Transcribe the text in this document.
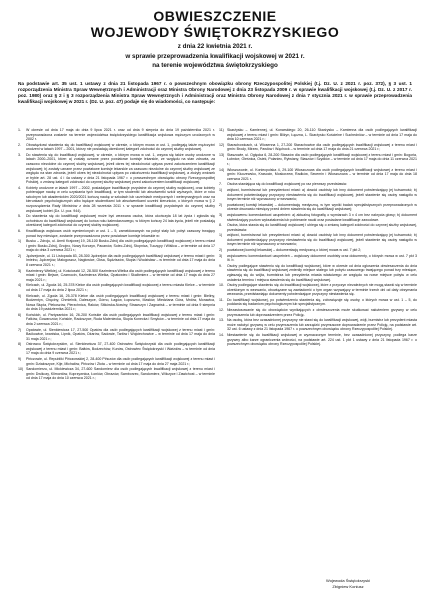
OBWIESZCZENIE
WOJEWODY ŚWIĘTOKRZYSKIEGO
z dnia 22 kwietnia 2021 r.
w sprawie przeprowadzenia kwalifikacji wojskowej w 2021 r.
na terenie województwa świętokrzyskiego
Na podstawie art. 35 ust. 1 ustawy z dnia 21 listopada 1967 r. o powszechnym obowiązku obrony Rzeczypospolitej Polskiej (t.j. Dz. U. z 2021 r. poz. 372), § 3 ust. 1 rozporządzenia Ministra Spraw Wewnętrznych i Administracji oraz Ministra Obrony Narodowej z dnia 23 listopada 2009 r. w sprawie kwalifikacji wojskowej (t.j. Dz. U. z 2017 r. poz. 1980) oraz § 2 i § 3 rozporządzenia Ministra Spraw Wewnętrznych i Administracji oraz Ministra Obrony Narodowej z dnia 7 stycznia 2021 r. w sprawie przeprowadzenia kwalifikacji wojskowej w 2021 r. (Dz. U. poz. 47) podaje się do wiadomości, co następuje:
1.	W okresie od dnia 17 maja do dnia 9 lipca 2021 r. oraz od dnia 9 sierpnia do dnia 19 października 2021 r. przeprowadzona zostanie na terenie województwa świętokrzyskiego kwalifikacja wojskowa mężczyzn urodzonych w 2002 r.
2.	Obowiązkowi stawienia się do kwalifikacji wojskowej w okresie, o którym mowa w ust. 1, podlegają także mężczyźni urodzeni w latach 1997 – 2001, którzy nie posiadają określonej kategorii zdolności do czynnej służby wojskowej.
3.	Do stawienia się do kwalifikacji wojskowej, w okresie, o którym mowa w ust. 1, wzywa się także osoby urodzone w latach 2000–2001, które: a) zostały uznane przez powiatowe komisje lekarskie, ze względu na stan zdrowia, za czasowo niezdolne do czynnej służby wojskowej, jeżeli okres tej niezdolności upływa przed zakończeniem kwalifikacji wojskowej; b) zostały uznane przez powiatowe komisje lekarskie za czasowo niezdolne do czynnej służby wojskowej ze względu na stan zdrowia, jeżeli okres tej niezdolności upływa po zakończeniu kwalifikacji wojskowej, a złożyły wniosek w trybie art. 28 ust. 4 i 4a ustawy z dnia 21 listopada 1967 r. o powszechnym obowiązku obrony Rzeczypospolitej Polskiej, o zmianę kategorii zdolności do czynnej służby wojskowej przed zakończeniem kwalifikacji wojskowej.
4.	Kobiety urodzone w latach 1997 – 2002, posiadające kwalifikacje przydatne do czynnej służby wojskowej, oraz kobiety pobierające naukę w celu uzyskania tych kwalifikacji, w tym studentki lub absolwentki szkół wyższych, które w roku szkolnym lub akademickim 2020/2021 kończą naukę w szkołach lub uczelniach medycznych i weterynaryjnych oraz na kierunkach psychologicznych albo będące studentkami lub absolwentkami uczelni kierunków, o których mowa w § 2 rozporządzenia Rady Ministrów z dnia 28 września 2011 r. w sprawie kwalifikacji przydatnych do czynnej służby wojskowej kobiet (Dz. U. poz. 944).
5.	Do stawienia się do kwalifikacji wojskowej może być wezwana osoba, która ukończyła 18 lat życia i zgłosiła się ochotniczo do kwalifikacji wojskowej do końca roku kalendarzowego, w którym kończy 24 lata życia, jeżeli nie posiadają określonej kategorii zdolności do czynnej służby wojskowej.
6.	Kwalifikacja wojskowa osób wymienionych w ust. 1 – 5, zameldowanych na pobyt stały lub pobyt czasowy trwający ponad trzy miesiące, zostanie przeprowadzona przez powiatowe komisje lekarskie w:
1)	Busku – Zdroju, ul. Armii Krajowej 19, 28-100 Busko-Zdrój dla osób podlegających kwalifikacji wojskowej z terenu miast i gmin: Busko-Zdrój, Gnojno, Nowy Korczyn, Pacanów, Solec-Zdrój, Stopnica, Tuczępy i Wiślica – w terminie od dnia 17 maja do dnia 3 czerwca 2021 r.;
2)	Jędrzejowie, ul. 11 Listopada 83, 28-300 Jędrzejów dla osób podlegających kwalifikacji wojskowej z terenu miast i gmin: Imielno, Jędrzejów, Małogoszcz, Nagłowice, Oksa, Sędziszów, Słupia i Wodzisław – w terminie od dnia 17 maja do dnia 8 czerwca 2021 r.;
3)	Kazimierzy Wielkiej, ul. Kościuszki 12, 28-500 Kazimierza Wielka dla osób podlegających kwalifikacji wojskowej z terenu miast i gmin: Bejsce, Czarnocin, Kazimierza Wielka, Opatowiec i Skalbmierz – w terminie od dnia 17 maja do dnia 27 maja 2021 r.;
4)	Kielcach, ul. Zgoda 16, 25-378 Kielce dla osób podlegających kwalifikacji wojskowej z terenu miasta Kielce – w terminie od dnia 17 maja do dnia 2 lipca 2021 r.;
5)	Kielcach, ul. Zgoda 16, 25-378 Kielce dla osób podlegających kwalifikacji wojskowej z terenu miast i gmin: Bieliny, Bodzentyn, Chęciny, Chmielnik, Daleszyce, Górno, Łagów, Łopuszno, Masłów, Miedziana Góra, Mniów, Morawica, Nowa Słupia, Piekoszów, Pierzchnica, Raków, Sitkówka-Nowiny, Strawczyn i Zagnańsk – w terminie od dnia 9 sierpnia do dnia 19 października 2021 r.;
6)	Końskich, ul. Partyzantów 16, 26-200 Końskie dla osób podlegających kwalifikacji wojskowej z terenu miast i gmin: Fałków, Gowarczów, Końskie, Radoszyce, Ruda Maleniecka, Słupia Konecka i Smyków – w terminie od dnia 17 maja do dnia 2 czerwca 2021 r.;
7)	Opatowie, ul. Sienkiewicza 17, 27-500 Opatów dla osób podlegających kwalifikacji wojskowej z terenu miast i gmin: Baćkowice, Iwaniska, Lipnik, Opatów, Ożarów, Sadowie, Tarłów i Wojciechowice – w terminie od dnia 17 maja do dnia 31 maja 2021 r.;
8)	Ostrowcu Świętokrzyskim, ul. Sienkiewicza 37, 27-400 Ostrowiec Świętokrzyski dla osób podlegających kwalifikacji wojskowej z terenu miast i gmin: Bałtów, Bodzechów, Kunów, Ostrowiec Świętokrzyski i Waśniów – w terminie od dnia 17 maja do dnia 9 czerwca 2021 r.;
9)	Pińczowie, ul. Republiki Pińczowskiej 2, 28-400 Pińczów dla osób podlegających kwalifikacji wojskowej z terenu miast i gmin: Działoszyce, Kije, Michałów, Pińczów i Złota – w terminie od dnia 17 maja do dnia 27 maja 2021 r.;
10) Sandomierzu, ul. Mickiewicza 34, 27-600 Sandomierz dla osób podlegających kwalifikacji wojskowej z terenu miast i gmin: Dwikozy, Klimontów, Koprzywnica, Łoniów, Obrazów, Samborzec, Sandomierz, Wilczyce i Zawichost – w terminie od dnia 17 maja do dnia 10 czerwca 2021 r.;
11) Skarżysku – Kamiennej, ul. Konarskiego 20, 26-110 Skarżysko – Kamienna dla osób podlegających kwalifikacji wojskowej z terenu miast i gmin: Bliżyn, Łączna, L. Skarżysko Kościelne i Suchedniów – w terminie od dnia 17 maja do dnia 10 czerwca 2021 r.;
12) Starachowicach, ul. Wiosenna 1, 27-200 Starachowice dla osób podlegających kwalifikacji wojskowej z terenu miast i gmin: Brody, Mirzec, Pawłów i Wąchock – w terminie od dnia 17 maja do dnia 21 czerwca 2021 r.;
13) Staszowie, ul. Ogłęcka 6, 28-200 Staszów dla osób podlegających kwalifikacji wojskowej z terenu miast i gmin: Bogoria, Łubnice, Oleśnica, Osiek, Połaniec, Rytwiany, Staszów i Szydłów – w terminie od dnia 17 maja do dnia 11 czerwca 2021 r.;
14) Włoszczowie, ul. Koniecpolska 4, 29-100 Włoszczowa dla osób podlegających kwalifikacji wojskowej z terenu miast i gmin: Kluczewsko, Krasocin, Moskorzew, Radków, Secemin i Włoszczowa – w terminie od dnia 17 maja do dnia 18 czerwca 2021 r.
7.	Osoba stawiająca się do kwalifikacji wojskowej po raz pierwszy przedstawia:
1)	wójtowi, burmistrzowi lub prezydentowi miast: a) dowód osobisty lub inny dokument potwierdzający jej tożsamość; b) dokument potwierdzający przyczyny niestawienia się do kwalifikacji wojskowej, jeżeli stawienie się osoby nastąpiło w innym terminie niż wyznaczony w wezwaniu;
2)	powiatowej komisji lekarskiej – dokumentację medyczną, w tym wyniki badań specjalistycznych przeprowadzonych w okresie dwunastu miesięcy przed dniem stawienia się do kwalifikacji wojskowej;
3)	wojskowemu komendantowi uzupełnień: a) aktualną fotografię o wymiarach 3 x 4 cm bez nakrycia głowy; b) dokument stwierdzający poziom wykształcenia lub pobieranie nauki oraz posiadane kwalifikacje zawodowe.
8.	Osoba, która stawia się do kwalifikacji wojskowej i ubiega się o zmianę kategorii zdolności do czynnej służby wojskowej, przedstawia:
1)	wójtowi, burmistrzowi lub prezydentowi miast: a) dowód osobisty lub inny dokument potwierdzający jej tożsamość; b) dokument potwierdzający przyczyny niestawienia się do kwalifikacji wojskowej, jeżeli stawienie się osoby nastąpiło w innym terminie niż wyznaczony w wezwaniu;
2)	powiatowej komisji lekarskiej – dokumentację medyczną o której mowa w ust. 7 pkt 2;
3)	wojskowemu komendantowi uzupełnień – wojskowy dokument osobisty oraz dokumenty, o których mowa w ust. 7 pkt 3 lit. b.
9.	Osoby podlegające stawieniu się do kwalifikacji wojskowej, które w okresie od dnia ogłoszenia obwieszczenia do dnia stawienia się do kwalifikacji wojskowej zmieniły miejsce stałego lub pobytu czasowego trwającego ponad trzy miesiące, zgłaszają się do wójta, burmistrza lub prezydenta miasta właściwego ze względu na nowe miejsce pobytu w celu ustalenia terminu i miejsca stawienia się do kwalifikacji wojskowej.
10. Osoby podlegające stawieniu się do kwalifikacji wojskowej, które z przyczyn niezależnych nie mogą stawić się w terminie określonym w wezwaniu, obowiązane są zawiadomić o tym organ wzywający w terminie trzech dni od daty otrzymania wezwania, przedstawiając dokumenty potwierdzające przyczyny niestawienia się.
11. Do kwalifikacji wojskowej, po potwierdzeniu stawienia się, zobowiązuje się osoby, o których mowa w ust. 1 – 5, do poddania się badaniom psychologicznym lub specjalistycznym.
12. Niezastosowanie się do obowiązków wynikających z obwieszczenia może skutkować nałożeniem grzywny w celu przymuszenia lub doprowadzeniem przez Policję.
13. Na osobę, która bez uzasadnionej przyczyny nie stawi się do kwalifikacji wojskowej, wójt, burmistrz lub prezydent miasta może nałożyć grzywnę w celu przymuszenia lub zarządzić przymusowe doprowadzenie przez Policję, na podstawie art. 32 ust. 6 ustawy z dnia 21 listopada 1967 r. o powszechnym obowiązku obrony Rzeczypospolitej Polskiej.
14. Niestawienie się do kwalifikacji wojskowej w wyznaczonym terminie, bez uzasadnionej przyczyny, podlega karze grzywny albo karze ograniczenia wolności, na podstawie art. 224 ust. 1 pkt 1 ustawy z dnia 21 listopada 1967 r. o powszechnym obowiązku obrony Rzeczypospolitej Polskiej.
Wojewoda Świętokrzyski
Zbigniew Koniusz
